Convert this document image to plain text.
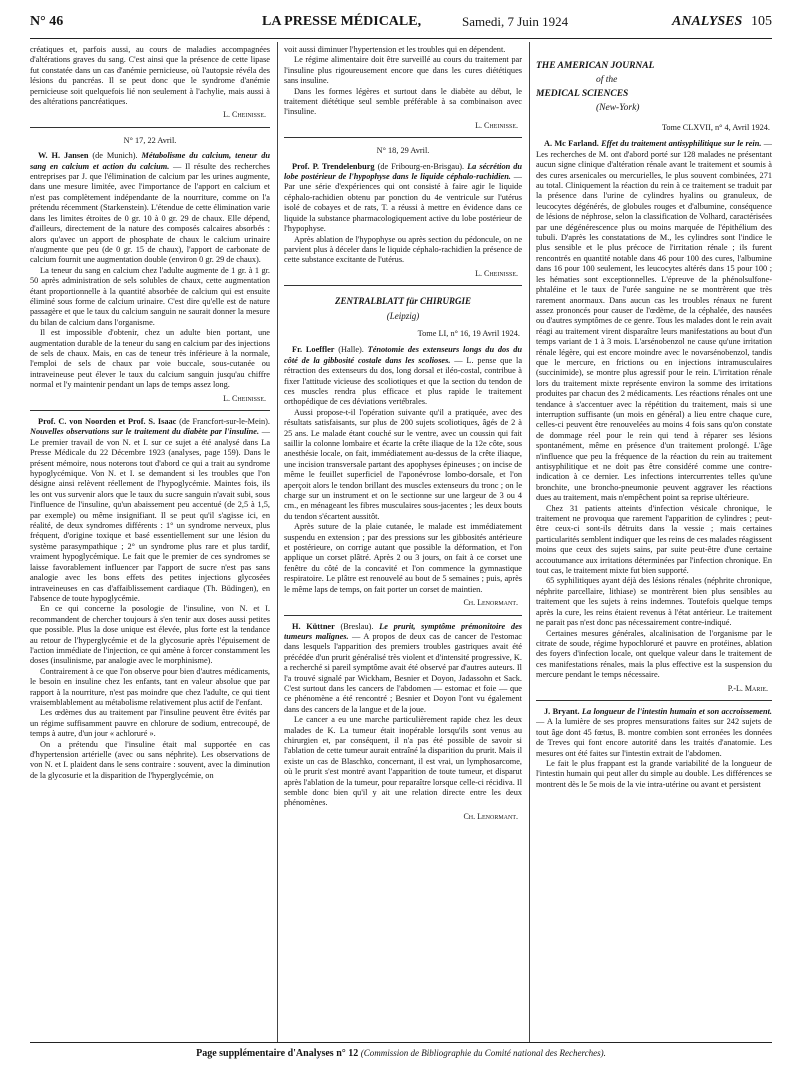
N° 46	LA PRESSE MÉDICALE,	Samedi, 7 Juin 1924	ANALYSES 105

créatiques et, parfois aussi, au cours de maladies accompagnées d'altérations graves du sang. C'est ainsi que la présence de cette lipase fut constatée dans un cas d'anémie pernicieuse, où l'autopsie révéla des lésions du pancréas. Il se peut donc que le syndrome d'anémie pernicieuse soit quelquefois lié non seulement à l'achylie, mais aussi à des altérations pancréatiques.

L. Cheinisse.
N° 17, 22 Avril.

W. H. Jansen (de Munich). Métabolisme du calcium, teneur du sang en calcium et action du calcium. — Il résulte des recherches entreprises par J. que l'élimination de calcium par les urines augmente, dans une mesure limitée, avec l'importance de l'apport en calcium et n'est pas complètement indépendante de la nourriture, comme on l'a prétendu récemment (Starkenstein). L'étendue de cette élimination varie dans les limites étroites de 0 gr. 10 à 0 gr. 29 de chaux. Elle dépend, d'ailleurs, directement de la nature des composés calcaires absorbés : alors qu'avec un apport de phosphate de chaux le calcium urinaire n'augmente que peu (de 0 gr. 15 de chaux), l'apport de carbonate de calcium fournit une augmentation double (environ 0 gr. 29 de chaux).

La teneur du sang en calcium chez l'adulte augmente de 1 gr. à 1 gr. 50 après administration de sels solubles de chaux, cette augmentation étant proportionnelle à la quantité absorbée de calcium qui est ensuite éliminé sous forme de calcium urinaire. C'est dire qu'elle est de nature passagère et que le taux du calcium sanguin ne saurait donner la mesure du bilan de calcium dans l'organisme.

Il est impossible d'obtenir, chez un adulte bien portant, une augmentation durable de la teneur du sang en calcium par des injections de sels de chaux. Mais, en cas de teneur très inférieure à la normale, l'emploi de sels de chaux par voie buccale, sous-cutanée ou intraveineuse peut élever le taux du calcium sanguin jusqu'au chiffre normal et l'y maintenir pendant un laps de temps assez long.

L. Cheinisse.

Prof. C. von Noorden et Prof. S. Isaac (de Francfort-sur-le-Mein). Nouvelles observations sur le traitement du diabète par l'insuline. — Le premier travail de von N. et I. sur ce sujet a été analysé dans La Presse Médicale du 22 Décembre 1923 (analyses, page 159). Dans le présent mémoire, nous noterons tout d'abord ce qui a trait au syndrome hypoglycémique. Von N. et I. se demandent si les troubles que l'on désigne ainsi relèvent réellement de l'hypoglycémie. Maintes fois, ils les ont vus survenir alors que le taux du sucre sanguin n'avait subi, sous l'influence de l'insuline, qu'un abaissement peu accentué (de 2,5 à 1,5, par exemple) ou même insignifiant. Il se peut qu'il s'agisse ici, en réalité, de deux syndromes différents : 1° un syndrome nerveux, plus fréquent, d'origine toxique et basé essentiellement sur une lésion du système parasympathique ; 2° un syndrome plus rare et plus tardif, vraiment hypoglycémique. Le fait que le premier de ces syndromes se laisse favorablement influencer par l'apport de sucre n'est pas sans analogie avec les bons effets des petites injections glycosées intraveineuses en cas d'affaiblissement cardiaque (Th. Büdingen), en l'absence de toute hypoglycémie.

En ce qui concerne la posologie de l'insuline, von N. et I. recommandent de chercher toujours à s'en tenir aux doses aussi petites que possible. Plus la dose unique est élevée, plus forte est la tendance au retour de l'hyperglycémie et de la glycosurie après l'épuisement de l'action immédiate de l'injection, ce qui amène à forcer constamment les doses (insulinisme, par analogie avec le morphinisme).

Contrairement à ce que l'on observe pour bien d'autres médicaments, le besoin en insuline chez les enfants, tant en valeur absolue que par rapport à la nourriture, n'est pas moindre que chez l'adulte, ce qui tient vraisemblablement au métabolisme relativement plus actif de l'enfant.

Les œdèmes dus au traitement par l'insuline peuvent être évités par un régime suffisamment pauvre en chlorure de sodium, entrecoupé, de temps à autre, d'un jour « achloruré ».

On a prétendu que l'insuline était mal supportée en cas d'hypertension artérielle (avec ou sans néphrite). Les observations de von N. et I. plaident dans le sens contraire : souvent, avec la diminution de la glycosurie et la disparition de l'hyperglycémie, on

voit aussi diminuer l'hypertension et les troubles qui en dépendent.

Le régime alimentaire doit être surveillé au cours du traitement par l'insuline plus rigoureusement encore que dans les cures diététiques sans insuline.

Dans les formes légères et surtout dans le diabète au début, le traitement diététique seul semble préférable à sa combinaison avec l'insuline.

L. Cheinisse.
N° 18, 29 Avril.

Prof. P. Trendelenburg (de Fribourg-en-Brisgau). La sécrétion du lobe postérieur de l'hypophyse dans le liquide céphalo-rachidien. — Par une série d'expériences qui ont consisté à faire agir le liquide céphalo-rachidien obtenu par ponction du 4e ventricule sur l'utérus isolé de cobayes et de rats, T. a réussi à mettre en évidence dans ce liquide la substance pharmacologiquement active du lobe postérieur de l'hypophyse.

Après ablation de l'hypophyse ou après section du pédoncule, on ne parvient plus à déceler dans le liquide céphalo-rachidien la présence de cette substance excitante de l'utérus.

L. Cheinisse.
ZENTRALBLATT für CHIRURGIE
(Leipzig)
Tome LI, n° 16, 19 Avril 1924.

Fr. Loeffler (Halle). Ténotomie des extenseurs longs du dos du côté de la gibbosité costale dans les scolioses. — L. pense que la rétraction des extenseurs du dos, long dorsal et iléo-costal, contribue à fixer l'attitude vicieuse des scoliotiques et que la section du tendon de ces muscles rendra plus efficace et plus rapide le traitement orthopédique de ces déviations vertébrales.

Aussi propose-t-il l'opération suivante qu'il a pratiquée, avec des résultats satisfaisants, sur plus de 200 sujets scoliotiques, âgés de 2 à 25 ans. Le malade étant couché sur le ventre, avec un coussin qui fait saillir la colonne lombaire et écarte la crête iliaque de la 12e côte, sous anesthésie locale, on fait, immédiatement au-dessus de la crête iliaque, une incision transversale partant des apophyses épineuses ; on incise de même le feuillet superficiel de l'aponévrose lombo-dorsale, et l'on aperçoit alors le tendon brillant des muscles extenseurs du tronc ; on le charge sur un instrument et on le sectionne sur une largeur de 3 ou 4 cm., en ménageant les fibres musculaires sous-jacentes ; les deux bouts du tendon s'écartent aussitôt.

Après suture de la plaie cutanée, le malade est immédiatement suspendu en extension ; par des pressions sur les gibbosités antérieure et postérieure, on corrige autant que possible la déformation, et l'on applique un corset plâtré. Après 2 ou 3 jours, on fait à ce corset une fenêtre du côté de la concavité et l'on commence la gymnastique respiratoire. Le plâtre est renouvelé au bout de 5 semaines ; puis, après le même laps de temps, on fait porter un corset de maintien.

Ch. Lenormant.

H. Küttner (Breslau). Le prurit, symptôme prémonitoire des tumeurs malignes. — A propos de deux cas de cancer de l'estomac dans lesquels l'apparition des premiers troubles gastriques avait été précédée d'un prurit généralisé très violent et d'intensité progressive, K. a recherché si pareil symptôme avait été observé par d'autres auteurs. Il l'a trouvé signalé par Wickham, Besnier et Doyon, Jadassohn et Sack. C'est surtout dans les cancers de l'abdomen — estomac et foie — que ce phénomène a été rencontré ; Besnier et Doyon l'ont vu également dans des cancers de la langue et de la joue.

Le cancer a eu une marche particulièrement rapide chez les deux malades de K. La tumeur était inopérable lorsqu'ils sont venus au chirurgien et, par conséquent, il n'a pas été possible de savoir si l'ablation de cette tumeur aurait entraîné la disparition du prurit. Mais il existe un cas de Blaschko, concernant, il est vrai, un lymphosarcome, où le prurit s'est montré avant l'apparition de toute tumeur, et disparut après l'ablation de la tumeur, pour reparaître lorsque celle-ci récidiva. Il semble donc bien qu'il y ait une relation directe entre les deux phénomènes.

Ch. Lenormant.
THE AMERICAN JOURNAL
of the
MEDICAL SCIENCES
(New-York)
Tome CLXVII, n° 4, Avril 1924.

A. Mc Farland. Effet du traitement antisyphilitique sur le rein. — Les recherches de M. ont d'abord porté sur 128 malades ne présentant aucun signe clinique d'altération rénale avant le traitement et soumis à des cures arsenicales ou mercurielles, le plus souvent combinées, 271 au total. Cliniquement la réaction du rein à ce traitement se traduit par la présence dans l'urine de cylindres hyalins ou granuleux, de leucocytes dégénérés, de globules rouges et d'albumine, conséquence de lésions de néphrose, selon la classification de Volhard, caractérisées par une dégénérescence plus ou moins marquée de l'épithélium des tubuli. D'après les constatations de M., les cylindres sont l'indice le plus sensible et le plus précoce de l'irritation rénale ; ils furent rencontrés en quantité notable dans 46 pour 100 des cures, l'albumine dans 16 pour 100 seulement, les leucocytes altérés dans 15 pour 100 ; les hématies sont exceptionnelles. L'épreuve de la phénolsulfone-phtaléine et le taux de l'urée sanguine ne se montrèrent que très rarement anormaux. Dans aucun cas les troubles rénaux ne furent assez prononcés pour causer de l'œdème, de la céphalée, des nausées ou d'autres symptômes de ce genre. Tous les malades dont le rein avait réagi au traitement virent disparaître leurs manifestations au bout d'un temps variant de 1 à 3 mois. L'arsénobenzol ne cause qu'une irritation rénale légère, qui est encore moindre avec le novarsénobenzol, tandis que le mercure, en frictions ou en injections intramusculaires (succinimide), se montre plus agressif pour le rein. L'irritation rénale lors du traitement mixte représente environ la somme des irritations produites par chacun des 2 médicaments. Les réactions rénales ont une tendance à s'accentuer avec la répétition du traitement, mais si une interruption suffisante (un mois en général) a lieu entre chaque cure, celles-ci peuvent être renouvelées au moins 4 fois sans qu'on constate de dommage réel pour le rein qui tend à réparer ses lésions spontanément, même en présence d'un traitement prolongé. L'âge n'influence que peu la fréquence de la réaction du rein au traitement antisyphilitique et ne doit pas être considéré comme une contre-indication à ce dernier. Les infections intercurrentes telles qu'une bronchite, une broncho-pneumonie peuvent aggraver les réactions dues au traitement, mais n'empêchent point sa reprise ultérieure.

Chez 31 patients atteints d'infection vésicale chronique, le traitement ne provoqua que rarement l'apparition de cylindres ; peut-être ceux-ci sont-ils détruits dans la vessie ; mais certaines particularités semblent indiquer que les reins de ces malades réagissent moins que ceux des sujets sains, par suite peut-être d'une certaine accoutumance aux irritations déterminées par l'infection chronique. En tout cas, le traitement mixte fut bien supporté.

65 syphilitiques ayant déjà des lésions rénales (néphrite chronique, néphrite parcellaire, lithiase) se montrèrent bien plus sensibles au traitement que les sujets à reins indemnes. Toutefois quelque temps après la cure, les reins étaient revenus à l'état antérieur. Le traitement ne parait pas n'est donc pas nécessairement contre-indiqué.

Certaines mesures générales, alcalinisation de l'organisme par le citrate de soude, régime hypochloruré et pauvre en protéines, ablation des foyers d'infection locale, ont quelque valeur dans le traitement de ces manifestations rénales, mais la plus effective est la suspension du mercure pendant le temps nécessaire.

P.-L. Marie.

J. Bryant. La longueur de l'intestin humain et son accroissement. — A la lumière de ses propres mensurations faites sur 242 sujets de tout âge dont 45 fœtus, B. montre combien sont erronées les données de Treves qui font encore autorité dans les traités d'anatomie. Les mesures ont été faites sur l'intestin extrait de l'abdomen.

Le fait le plus frappant est la grande variabilité de la longueur de l'intestin humain qui peut aller du simple au double. Les différences se montrent dès le 5e mois de la vie intra-utérine ou avant et persistent

Page supplémentaire d'Analyses n° 12 (Commission de Bibliographie du Comité national des Recherches).
